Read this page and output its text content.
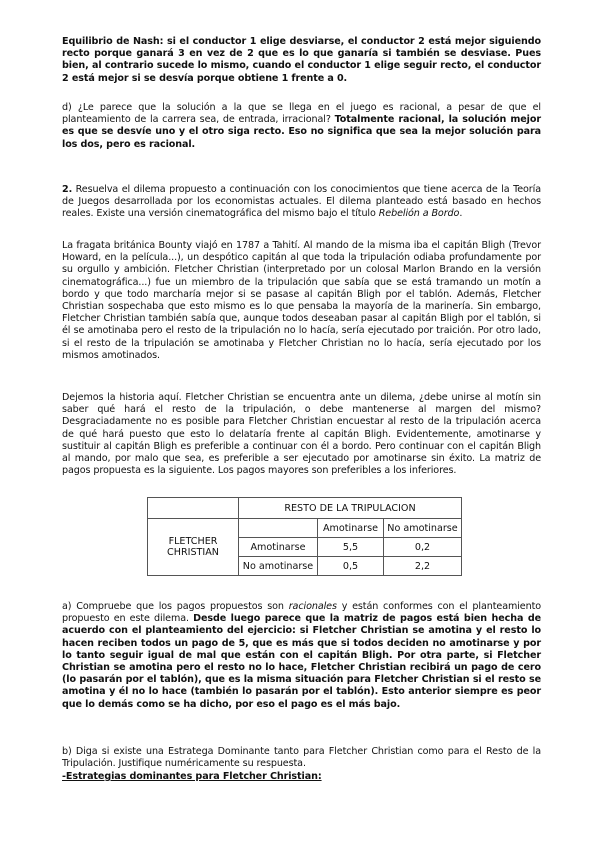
Equilibrio de Nash: si el conductor 1 elige desviarse, el conductor 2 está mejor siguiendo recto porque ganará 3 en vez de 2 que es lo que ganaría si también se desviase. Pues bien, al contrario sucede lo mismo, cuando el conductor 1 elige seguir recto, el conductor 2 está mejor si se desvía porque obtiene 1 frente a 0.

d) ¿Le parece que la solución a la que se llega en el juego es racional, a pesar de que el planteamiento de la carrera sea, de entrada, irracional? Totalmente racional, la solución mejor es que se desvíe uno y el otro siga recto. Eso no significa que sea la mejor solución para los dos, pero es racional.

2. Resuelva el dilema propuesto a continuación con los conocimientos que tiene acerca de la Teoría de Juegos desarrollada por los economistas actuales. El dilema planteado está basado en hechos reales. Existe una versión cinematográfica del mismo bajo el título Rebelión a Bordo.

La fragata británica Bounty viajó en 1787 a Tahití. Al mando de la misma iba el capitán Bligh (Trevor Howard, en la película...), un despótico capitán al que toda la tripulación odiaba profundamente por su orgullo y ambición. Fletcher Christian (interpretado por un colosal Marlon Brando en la versión cinematográfica...) fue un miembro de la tripulación que sabía que se está tramando un motín a bordo y que todo marcharía mejor si se pasase al capitán Bligh por el tablón. Además, Fletcher Christian sospechaba que esto mismo es lo que pensaba la mayoría de la marinería. Sin embargo, Fletcher Christian también sabía que, aunque todos deseaban pasar al capitán Bligh por el tablón, si él se amotinaba pero el resto de la tripulación no lo hacía, sería ejecutado por traición. Por otro lado, si el resto de la tripulación se amotinaba y Fletcher Christian no lo hacía, sería ejecutado por los mismos amotinados.

Dejemos la historia aquí. Fletcher Christian se encuentra ante un dilema, ¿debe unirse al motín sin saber qué hará el resto de la tripulación, o debe mantenerse al margen del mismo? Desgraciadamente no es posible para Fletcher Christian encuestar al resto de la tripulación acerca de qué hará puesto que esto lo delataría frente al capitán Bligh. Evidentemente, amotinarse y sustituir al capitán Bligh es preferible a continuar con él a bordo. Pero continuar con el capitán Bligh al mando, por malo que sea, es preferible a ser ejecutado por amotinarse sin éxito. La matriz de pagos propuesta es la siguiente. Los pagos mayores son preferibles a los inferiores.

	RESTO DE LA TRIPULACION		
FLETCHER CHRISTIAN		Amotinarse	No amotinarse
	Amotinarse	5,5	0,2
	No amotinarse	0,5	2,2

a) Compruebe que los pagos propuestos son racionales y están conformes con el planteamiento propuesto en este dilema. Desde luego parece que la matriz de pagos está bien hecha de acuerdo con el planteamiento del ejercicio: si Fletcher Christian se amotina y el resto lo hacen reciben todos un pago de 5, que es más que si todos deciden no amotinarse y por lo tanto seguir igual de mal que están con el capitán Bligh. Por otra parte, si Fletcher Christian se amotina pero el resto no lo hace, Fletcher Christian recibirá un pago de cero (lo pasarán por el tablón), que es la misma situación para Fletcher Christian si el resto se amotina y él no lo hace (también lo pasarán por el tablón). Esto anterior siempre es peor que lo demás como se ha dicho, por eso el pago es el más bajo.

b) Diga si existe una Estratega Dominante tanto para Fletcher Christian como para el Resto de la Tripulación. Justifique numéricamente su respuesta.

-Estrategias dominantes para Fletcher Christian:
